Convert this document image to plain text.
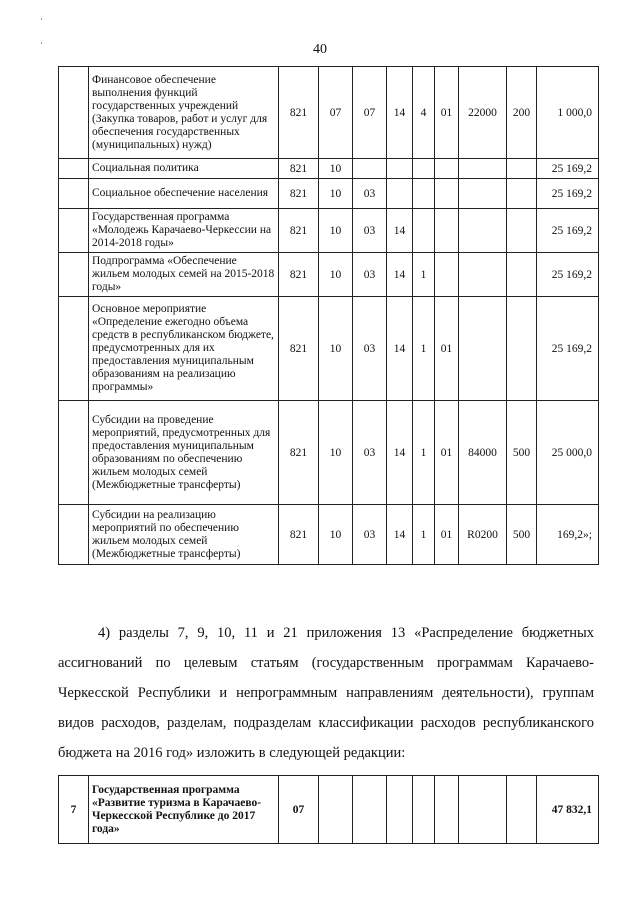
40
·
·
	Финансовое обеспечение выполнения функций государственных учреждений (Закупка товаров, работ и услуг для обеспечения государственных (муниципальных) нужд)	821	07	07	14	4	01	22000	200	1 000,0
	Социальная политика	821	10							25 169,2
	Социальное обеспечение населения	821	10	03						25 169,2
	Государственная программа «Молодежь Карачаево-Черкессии на 2014-2018 годы»	821	10	03	14					25 169,2
	Подпрограмма «Обеспечение жильем молодых семей на 2015-2018 годы»	821	10	03	14	1				25 169,2
	Основное мероприятие «Определение ежегодно объема средств в республиканском бюджете, предусмотренных для их предоставления муниципальным образованиям на реализацию программы»	821	10	03	14	1	01			25 169,2
	Субсидии на проведение мероприятий, предусмотренных для предоставления муниципальным образованиям по обеспечению жильем молодых семей (Межбюджетные трансферты)	821	10	03	14	1	01	84000	500	25 000,0
	Субсидии на реализацию мероприятий по обеспечению жильем молодых семей (Межбюджетные трансферты)	821	10	03	14	1	01	R0200	500	169,2»;
4) разделы 7, 9, 10, 11 и 21 приложения 13 «Распределение бюджетных ассигнований по целевым статьям (государственным программам Карачаево-Черкесской Республики и непрограммным направлениям деятельности), группам видов расходов, разделам, подразделам классификации расходов республиканского бюджета на 2016 год» изложить в следующей редакции:
7	Государственная программа «Развитие туризма в Карачаево-Черкесской Республике до 2017 года»	07								47 832,1
